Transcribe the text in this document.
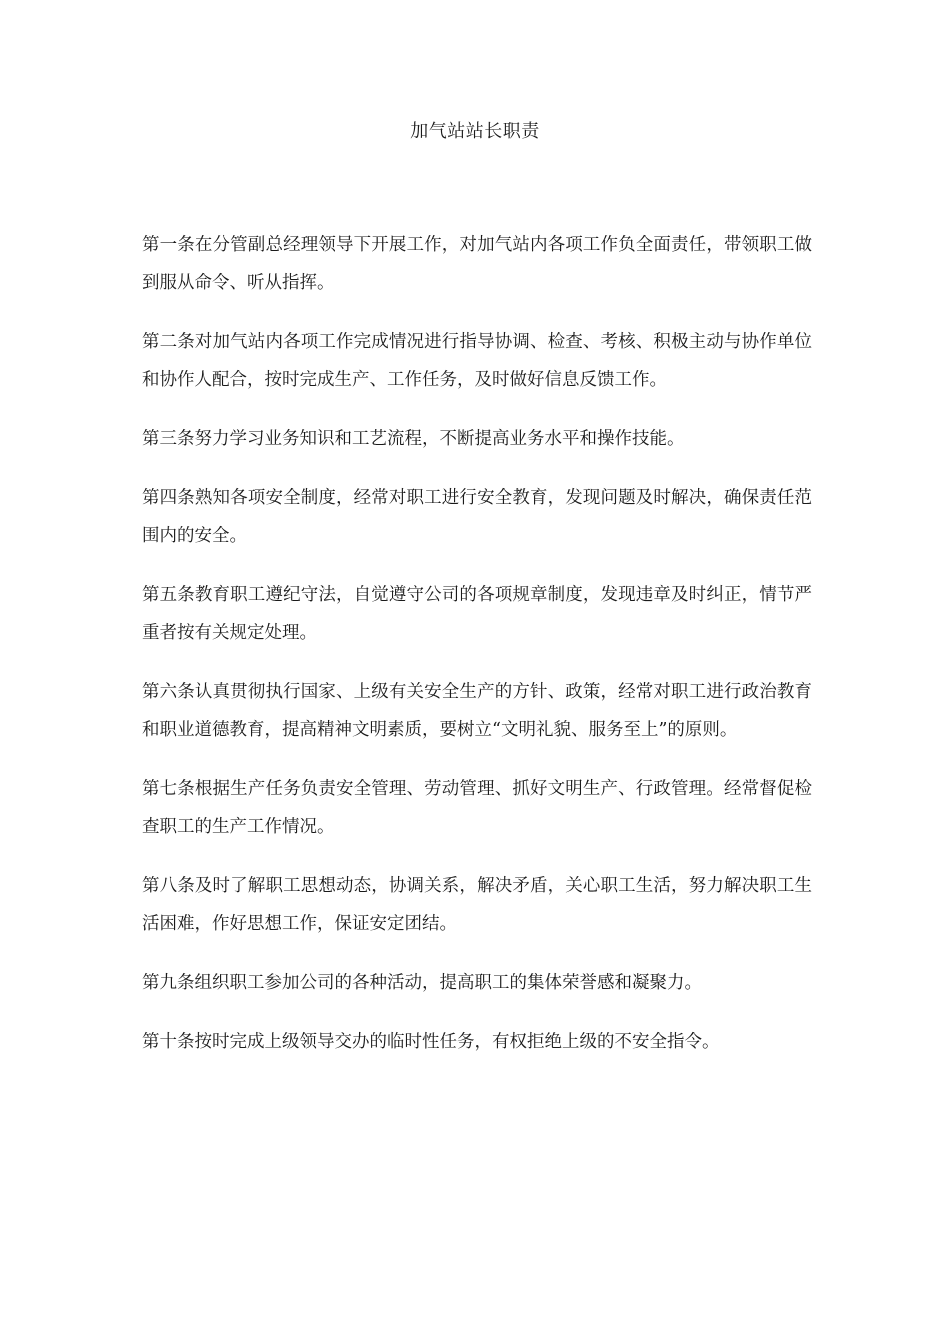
加气站站长职责

第一条在分管副总经理领导下开展工作，对加气站内各项工作负全面责任，带领职工做到服从命令、听从指挥。

第二条对加气站内各项工作完成情况进行指导协调、检查、考核、积极主动与协作单位和协作人配合，按时完成生产、工作任务，及时做好信息反馈工作。

第三条努力学习业务知识和工艺流程，不断提高业务水平和操作技能。

第四条熟知各项安全制度，经常对职工进行安全教育，发现问题及时解决，确保责任范围内的安全。

第五条教育职工遵纪守法，自觉遵守公司的各项规章制度，发现违章及时纠正，情节严重者按有关规定处理。

第六条认真贯彻执行国家、上级有关安全生产的方针、政策，经常对职工进行政治教育和职业道德教育，提高精神文明素质，要树立“文明礼貌、服务至上”的原则。

第七条根据生产任务负责安全管理、劳动管理、抓好文明生产、行政管理。经常督促检查职工的生产工作情况。

第八条及时了解职工思想动态，协调关系，解决矛盾，关心职工生活，努力解决职工生活困难，作好思想工作，保证安定团结。

第九条组织职工参加公司的各种活动，提高职工的集体荣誉感和凝聚力。

第十条按时完成上级领导交办的临时性任务，有权拒绝上级的不安全指令。
